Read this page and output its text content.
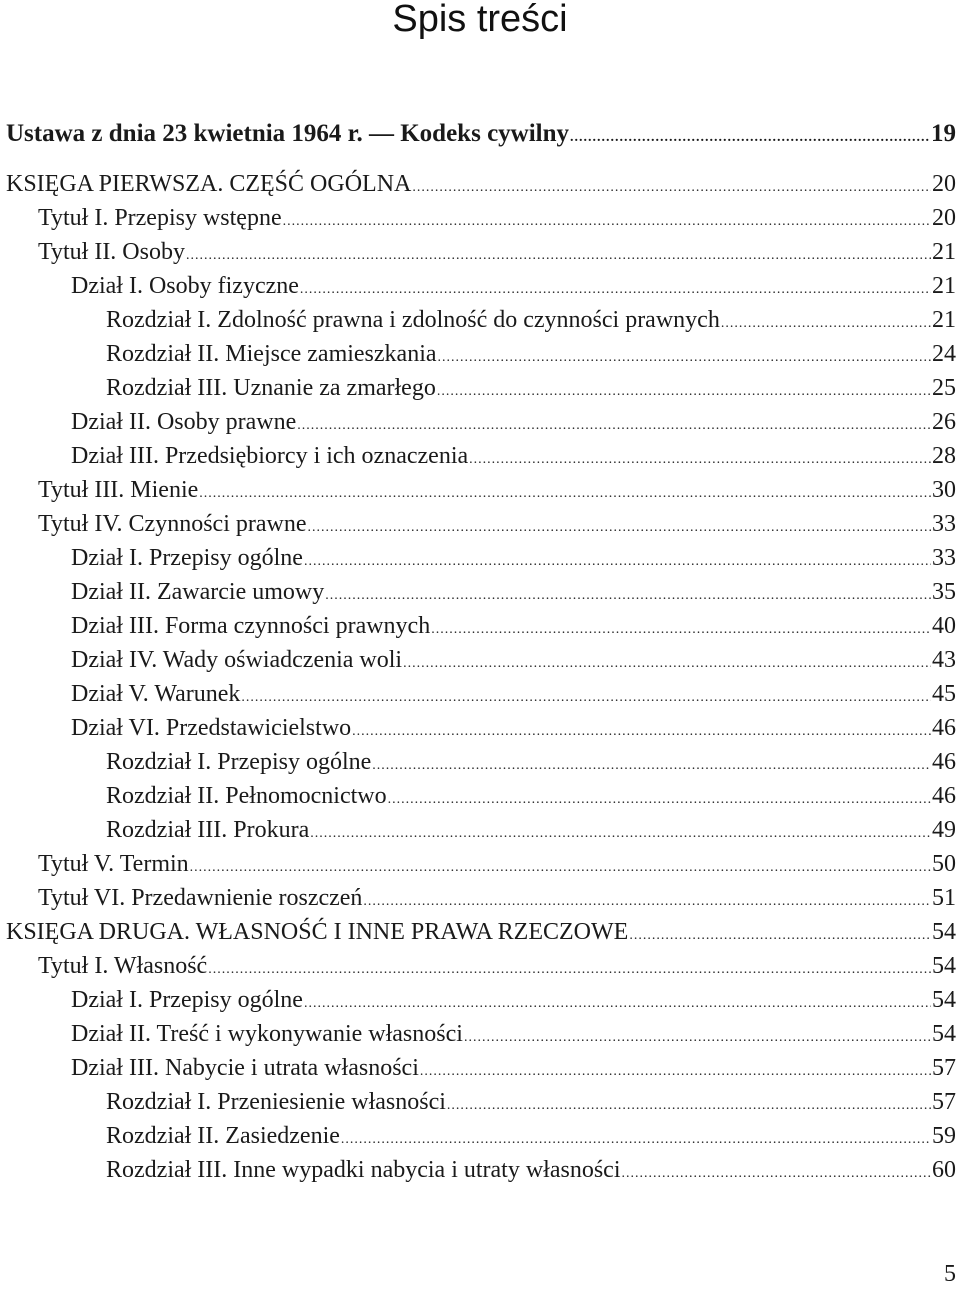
Spis treści
Ustawa z dnia 23 kwietnia 1964 r. — Kodeks cywilny .....	19
KSIĘGA PIERWSZA. CZĘŚĆ OGÓLNA .....	20
Tytuł I. Przepisy wstępne .....	20
Tytuł II. Osoby .....	21
Dział I. Osoby fizyczne .....	21
Rozdział I. Zdolność prawna i zdolność do czynności prawnych .....	21
Rozdział II. Miejsce zamieszkania .....	24
Rozdział III. Uznanie za zmarłego .....	25
Dział II. Osoby prawne .....	26
Dział III. Przedsiębiorcy i ich oznaczenia .....	28
Tytuł III. Mienie .....	30
Tytuł IV. Czynności prawne .....	33
Dział I. Przepisy ogólne .....	33
Dział II. Zawarcie umowy .....	35
Dział III. Forma czynności prawnych .....	40
Dział IV. Wady oświadczenia woli .....	43
Dział V. Warunek .....	45
Dział VI. Przedstawicielstwo .....	46
Rozdział I. Przepisy ogólne .....	46
Rozdział II. Pełnomocnictwo .....	46
Rozdział III. Prokura .....	49
Tytuł V. Termin .....	50
Tytuł VI. Przedawnienie roszczeń .....	51
KSIĘGA DRUGA. WŁASNOŚĆ I INNE PRAWA RZECZOWE .....	54
Tytuł I. Własność .....	54
Dział I. Przepisy ogólne .....	54
Dział II. Treść i wykonywanie własności .....	54
Dział III. Nabycie i utrata własności .....	57
Rozdział I. Przeniesienie własności .....	57
Rozdział II. Zasiedzenie .....	59
Rozdział III. Inne wypadki nabycia i utraty własności .....	60
5
